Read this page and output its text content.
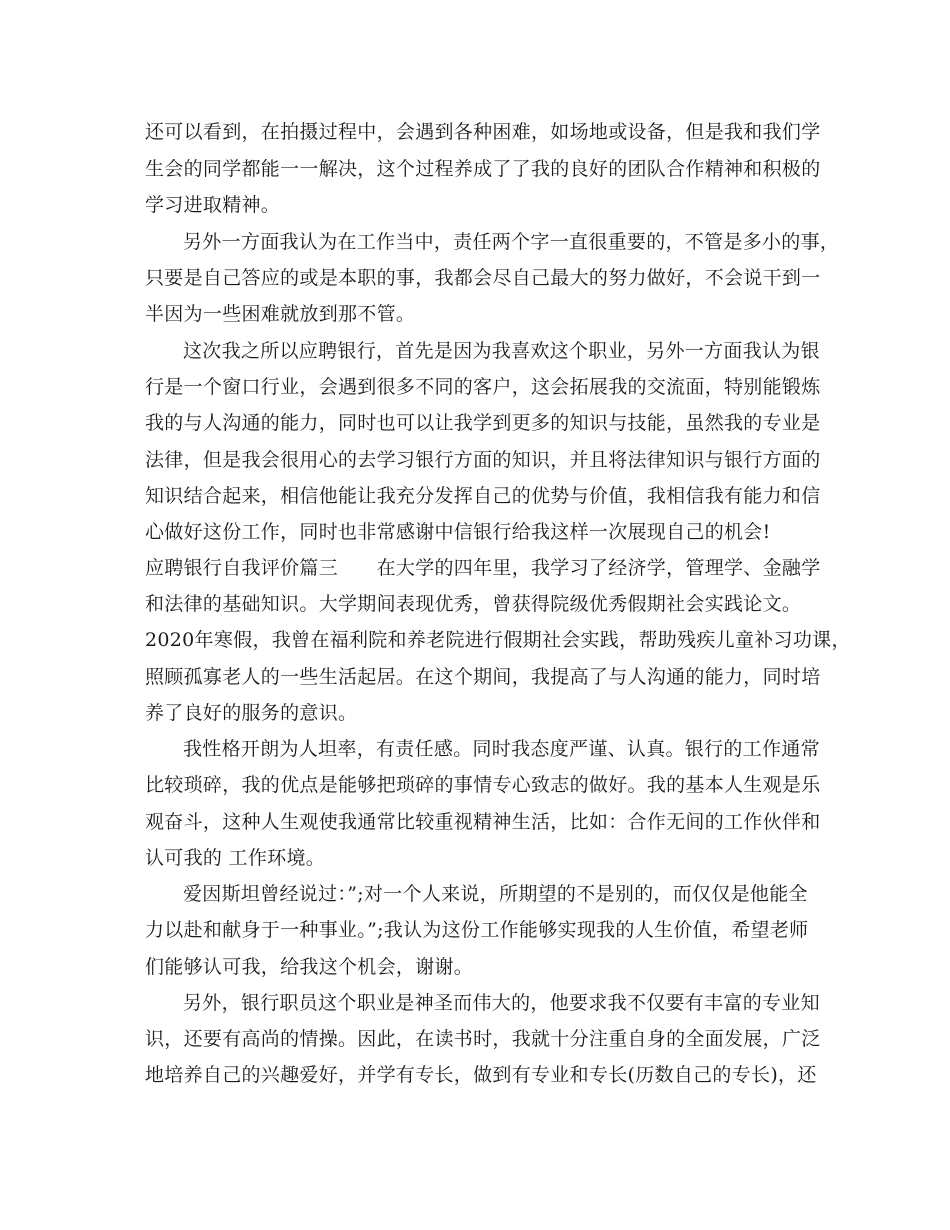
还可以看到，在拍摄过程中，会遇到各种困难，如场地或设备，但是我和我们学

生会的同学都能一一解决，这个过程养成了了我的良好的团队合作精神和积极的

学习进取精神。

另外一方面我认为在工作当中，责任两个字一直很重要的，不管是多小的事，

只要是自己答应的或是本职的事，我都会尽自己最大的努力做好，不会说干到一

半因为一些困难就放到那不管。

这次我之所以应聘银行，首先是因为我喜欢这个职业，另外一方面我认为银

行是一个窗口行业，会遇到很多不同的客户，这会拓展我的交流面，特别能锻炼

我的与人沟通的能力，同时也可以让我学到更多的知识与技能，虽然我的专业是

法律，但是我会很用心的去学习银行方面的知识，并且将法律知识与银行方面的

知识结合起来，相信他能让我充分发挥自己的优势与价值，我相信我有能力和信

心做好这份工作，同时也非常感谢中信银行给我这样一次展现自己的机会!

应聘银行自我评价篇三　　在大学的四年里，我学习了经济学，管理学、金融学

和法律的基础知识。大学期间表现优秀，曾获得院级优秀假期社会实践论文。

2020年寒假，我曾在福利院和养老院进行假期社会实践，帮助残疾儿童补习功课，

照顾孤寡老人的一些生活起居。在这个期间，我提高了与人沟通的能力，同时培

养了良好的服务的意识。

我性格开朗为人坦率，有责任感。同时我态度严谨、认真。银行的工作通常

比较琐碎，我的优点是能够把琐碎的事情专心致志的做好。我的基本人生观是乐

观奋斗，这种人生观使我通常比较重视精神生活，比如：合作无间的工作伙伴和

认可我的 工作环境。

爱因斯坦曾经说过：”;对一个人来说，所期望的不是别的，而仅仅是他能全

力以赴和献身于一种事业。”;我认为这份工作能够实现我的人生价值，希望老师

们能够认可我，给我这个机会，谢谢。

另外，银行职员这个职业是神圣而伟大的，他要求我不仅要有丰富的专业知

识，还要有高尚的情操。因此，在读书时，我就十分注重自身的全面发展，广泛

地培养自己的兴趣爱好，并学有专长，做到有专业和专长(历数自己的专长)，还
